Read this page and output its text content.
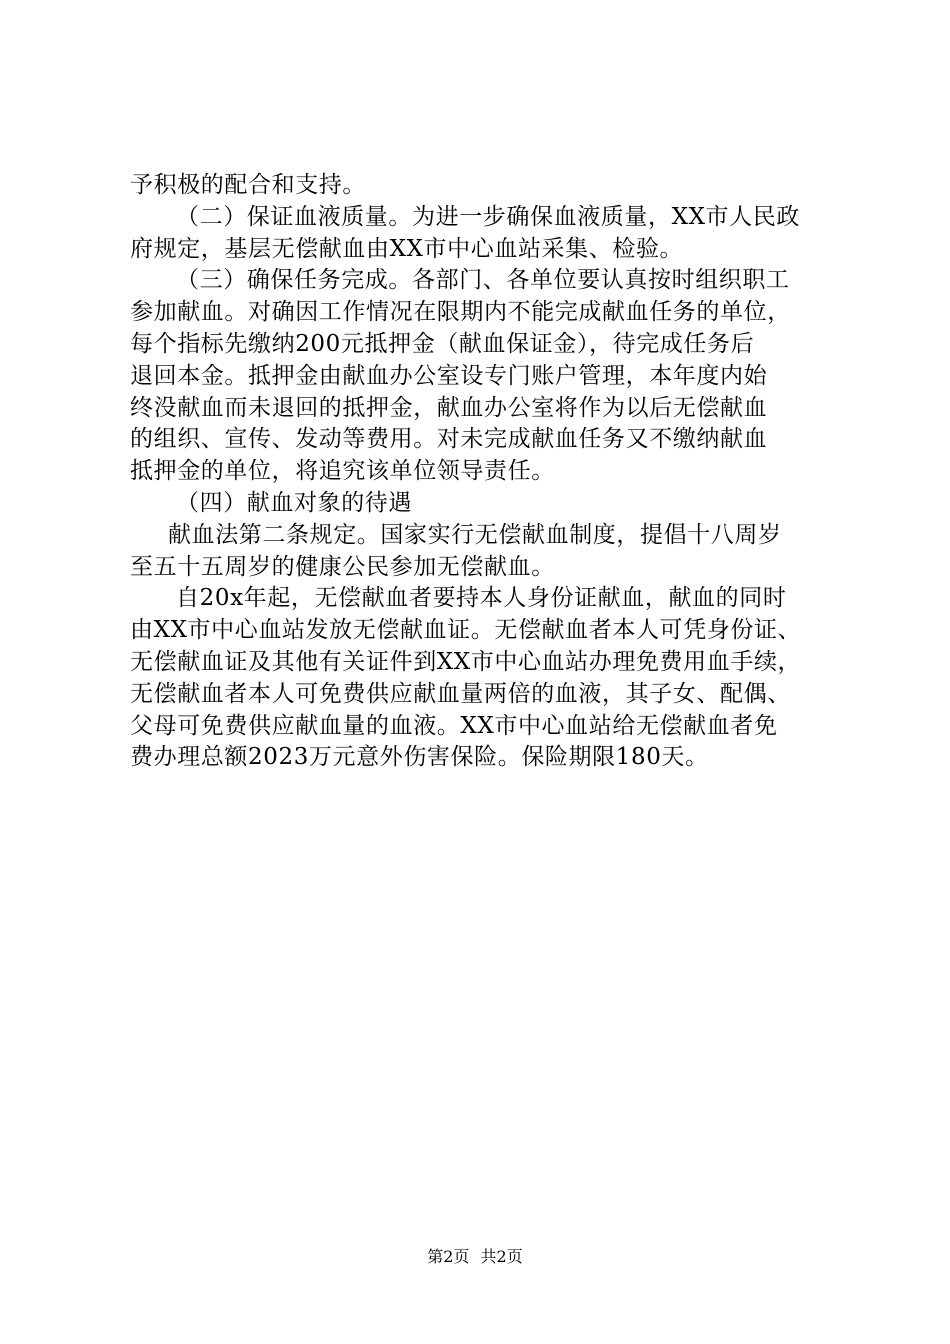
予积极的配合和支持。
（二）保证血液质量。为进一步确保血液质量，XX市人民政
府规定，基层无偿献血由XX市中心血站采集、检验。
（三）确保任务完成。各部门、各单位要认真按时组织职工
参加献血。对确因工作情况在限期内不能完成献血任务的单位，
每个指标先缴纳200元抵押金（献血保证金），待完成任务后
退回本金。抵押金由献血办公室设专门账户管理，本年度内始
终没献血而未退回的抵押金，献血办公室将作为以后无偿献血
的组织、宣传、发动等费用。对未完成献血任务又不缴纳献血
抵押金的单位，将追究该单位领导责任。
（四）献血对象的待遇
献血法第二条规定。国家实行无偿献血制度，提倡十八周岁
至五十五周岁的健康公民参加无偿献血。
自20x年起，无偿献血者要持本人身份证献血，献血的同时
由XX市中心血站发放无偿献血证。无偿献血者本人可凭身份证、
无偿献血证及其他有关证件到XX市中心血站办理免费用血手续，
无偿献血者本人可免费供应献血量两倍的血液，其子女、配偶、
父母可免费供应献血量的血液。XX市中心血站给无偿献血者免
费办理总额2023万元意外伤害保险。保险期限180天。
第2页 共2页
